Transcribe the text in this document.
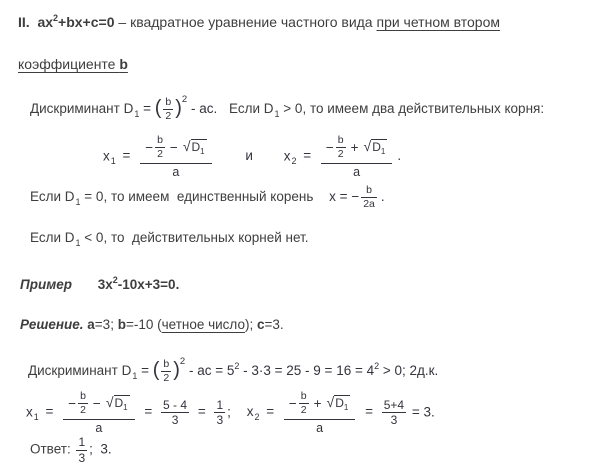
II.  $ax^2+bx+c=0$ – квадратное уравнение частного вида при четном втором
коэффициенте b
Дискриминант $D_1$ = ( $\frac{b}{2} )^2$ - ac. Если $D_1 > 0$, то имеем два действительных корня:
$x_1 = \frac{- \frac{b}{2} - √D_1}{a}$	и $x_2 = \frac{- \frac{b}{2} + √D_1}{a}$ .
Если $D_1 = 0$, то имеем  единственный корень x = − $\frac{b}{2a}$ .
Если $D_1 < 0$, то  действительных корней нет.
Пример $3x^2-10x+3=0$.
Решение. a=3; b=-10 (четное число); c=3.
Дискриминант $D_1$ = ( $\frac{b}{2} )^2$ - ac = $5^2 - 3\cdot 3 = 25 - 9 = 16 = 4^2 > 0$; 2д.к.
$x_1 = \frac{- \frac{b}{2} - √D_1}{a} = \frac{5 - 4}{3} = \frac{1}{3}$ ; $x_2 = \frac{- \frac{b}{2} + √D_1}{a} = \frac{5+4}{3} = 3$.
Ответ: $\frac{1}{3}$ ;  3.
